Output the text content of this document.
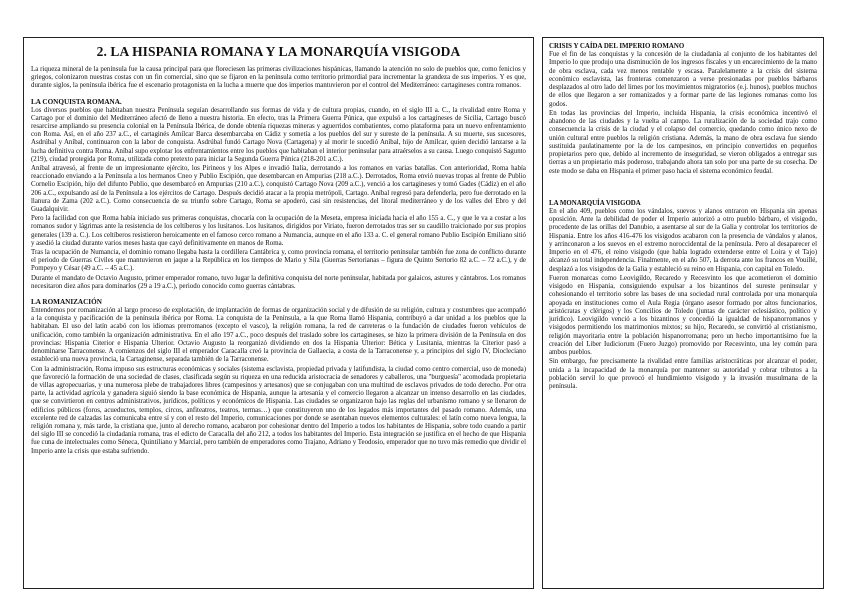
2. LA HISPANIA ROMANA Y LA MONARQUÍA VISIGODA

La riqueza mineral de la península fue la causa principal para que floreciesen las primeras civilizaciones hispánicas, llamando la atención no solo de pueblos que, como fenicios y griegos, colonizaron nuestras costas con un fin comercial, sino que se fijaron en la península como territorio primordial para incrementar la grandeza de sus imperios. Y es que, durante siglos, la península ibérica fue el escenario protagonista en la lucha a muerte que dos imperios mantuvieron por el control del Mediterráneo: cartagineses contra romanos.

LA CONQUISTA ROMANA.

Los diversos pueblos que habitaban nuestra Península seguían desarrollando sus formas de vida y de cultura propias, cuando, en el siglo III a. C., la rivalidad entre Roma y Cartago por el dominio del Mediterráneo afectó de lleno a nuestra historia. En efecto, tras la Primera Guerra Púnica, que expulsó a los cartagineses de Sicilia, Cartago buscó resarcirse ampliando su presencia colonial en la Península Ibérica, de donde obtenía riquezas mineras y aguerridos combatientes, como plataforma para un nuevo enfrentamiento con Roma. Así, en el año 237 a.C., el cartaginés Amílcar Barca desembarcaba en Cádiz y sometía a los pueblos del sur y sureste de la península. A su muerte, sus sucesores, Asdrúbal y Aníbal, continuaron con la labor de conquista. Asdrúbal fundó Cartago Nova (Cartagena) y al morir le sucedió Aníbal, hijo de Amílcar, quien decidió lanzarse a la lucha definitiva contra Roma. Aníbal supo explotar los enfrentamientos entre los pueblos que habitaban el interior peninsular para atraérselos a su causa. Luego conquistó Sagunto (219), ciudad protegida por Roma, utilizada como pretexto para iniciar la Segunda Guerra Púnica (218-201 a.C.).

Aníbal atravesó, al frente de un impresionante ejército, los Pirineos y los Alpes e invadió Italia, derrotando a los romanos en varias batallas. Con anterioridad, Roma había reaccionado enviando a la Península a los hermanos Cneo y Publio Escipión, que desembarcan en Ampurias (218 a.C.). Derrotados, Roma envió nuevas tropas al frente de Publio Cornelio Escipión, hijo del difunto Publio, que desembarcó en Ampurias (210 a.C.), conquistó Cartago Nova (209 a.C.), venció a los cartagineses y tomó Gades (Cádiz) en el año 206 a.C., expulsando así de la Península a los ejércitos de Cartago. Después decidió atacar a la propia metrópoli, Cartago. Aníbal regresó para defenderla, pero fue derrotado en la llanura de Zama (202 a.C.). Como consecuencia de su triunfo sobre Cartago, Roma se apoderó, casi sin resistencias, del litoral mediterráneo y de los valles del Ebro y del Guadalquivir.

Pero la facilidad con que Roma había iniciado sus primeras conquistas, chocaría con la ocupación de la Meseta, empresa iniciada hacia el año 155 a. C., y que le va a costar a los romanos sudor y lágrimas ante la resistencia de los celtíberos y los lusitanos. Los lusitanos, dirigidos por Viriato, fueron derrotados tras ser su caudillo traicionado por sus propios generales (139 a. C.). Los celtíberos resistieron heroicamente en el famoso cerco romano a Numancia, aunque en el año 133 a. C. el general romano Publio Escipión Emiliano sitió y asedió la ciudad durante varios meses hasta que cayó definitivamente en manos de Roma.

Tras la ocupación de Numancia, el dominio romano llegaba hasta la cordillera Cantábrica y, como provincia romana, el territorio peninsular también fue zona de conflicto durante el periodo de Guerras Civiles que mantuvieron en jaque a la República en los tiempos de Mario y Sila (Guerras Sertorianas – figura de Quinto Sertorio 82 a.C. – 72 a.C.), y de Pompeyo y César (49 a.C. – 45 a.C.).

Durante el mandato de Octavio Augusto, primer emperador romano, tuvo lugar la definitiva conquista del norte peninsular, habitada por galaicos, astures y cántabros. Los romanos necesitaron diez años para dominarlos (29 a 19 a.C.), periodo conocido como guerras cántabras.

LA ROMANIZACIÓN

Entendemos por romanización al largo proceso de explotación, de implantación de formas de organización social y de difusión de su religión, cultura y costumbres que acompañó a la conquista y pacificación de la península ibérica por Roma. La conquista de la Península, a la que Roma llamó Hispania, contribuyó a dar unidad a los pueblos que la habitaban. El uso del latín acabó con los idiomas prerromanos (excepto el vasco), la religión romana, la red de carreteras o la fundación de ciudades fueron vehículos de unificación, como también la organización administrativa. En el año 197 a.C., poco después del traslado sobre los cartagineses, se hizo la primera división de la Península en dos provincias: Hispania Citerior e Hispania Ulterior. Octavio Augusto la reorganizó dividiendo en dos la Hispania Ulterior: Bética y Lusitania, mientras la Citerior pasó a denominarse Tarraconense. A comienzos del siglo III el emperador Caracalla creó la provincia de Gallaecia, a costa de la Tarraconense y, a principios del siglo IV, Diocleciano estableció una nueva provincia, la Cartaginense, separada también de la Tarraconense.

Con la administración, Roma impuso sus estructuras económicas y sociales (sistema esclavista, propiedad privada y latifundista, la ciudad como centro comercial, uso de moneda) que favoreció la formación de una sociedad de clases, clasificada según su riqueza en una reducida aristocracia de senadores y caballeros, una "burguesía" acomodada propietaria de villas agropecuarias, y una numerosa plebe de trabajadores libres (campesinos y artesanos) que se conjugaban con una multitud de esclavos privados de todo derecho. Por otra parte, la actividad agrícola y ganadera siguió siendo la base económica de Hispania, aunque la artesanía y el comercio llegaron a alcanzar un intenso desarrollo en las ciudades, que se convirtieron en centros administrativos, jurídicos, políticos y económicos de Hispania. Las ciudades se organizaron bajo las reglas del urbanismo romano y se llenaron de edificios públicos (foros, acueductos, templos, circos, anfiteatros, teatros, termas…) que constituyeron uno de los legados más importantes del pasado romano. Además, una excelente red de calzadas las comunicaba entre sí y con el resto del Imperio, comunicaciones por donde se asentaban nuevos elementos culturales: el latín como nueva lengua, la religión romana y, más tarde, la cristiana que, junto al derecho romano, acabaron por cohesionar dentro del Imperio a todos los habitantes de Hispania, sobre todo cuando a partir del siglo III se concedió la ciudadanía romana, tras el edicto de Caracalla del año 212, a todos los habitantes del Imperio. Esta integración se justifica en el hecho de que Hispania fue cuna de intelectuales como Séneca, Quintiliano y Marcial, pero también de emperadores como Trajano, Adriano y Teodosio, emperador que no tuvo más remedio que dividir el Imperio ante la crisis que estaba sufriendo.

CRISIS Y CAÍDA DEL IMPERIO ROMANO

Fue el fin de las conquistas y la concesión de la ciudadanía al conjunto de los habitantes del Imperio lo que produjo una disminución de los ingresos fiscales y un encarecimiento de la mano de obra esclava, cada vez menos rentable y escasa. Paralelamente a la crisis del sistema económico esclavista, las fronteras comenzaron a verse presionadas por pueblos bárbaros desplazados al otro lado del limes por los movimientos migratorios (e.j. hunos), pueblos muchos de ellos que llegaron a ser romanizados y a formar parte de las legiones romanas como los godos.

En todas las provincias del Imperio, incluida Hispania, la crisis económica incentivó el abandono de las ciudades y la vuelta al campo. La ruralización de la sociedad trajo como consecuencia la crisis de la ciudad y el colapso del comercio, quedando como único nexo de unión cultural entre pueblos la religión cristiana. Además, la mano de obra esclava fue siendo sustituida paulatinamente por la de los campesinos, en principio convertidos en pequeños propietarios pero que, debido al incremento de inseguridad, se vieron obligados a entregar sus tierras a un propietario más poderoso, trabajando ahora tan solo por una parte de su cosecha. De este modo se daba en Hispania el primer paso hacia el sistema económico feudal.

LA MONARQUÍA VISIGODA

En el año 409, pueblos como los vándalos, suevos y alanos entraron en Hispania sin apenas oposición. Ante la debilidad de poder el Imperio autorizó a otro pueblo bárbaro, el visigodo, procedente de las orillas del Danubio, a asentarse al sur de la Galia y controlar los territorios de Hispania. Entre los años 416-476 los visigodos acabaron con la presencia de vándalos y alanos, y arrinconaron a los suevos en el extremo noroccidental de la península. Pero al desaparecer el Imperio en el 476, el reino visigodo (que había logrado extenderse entre el Loira y el Tajo) alcanzó su total independencia. Finalmente, en el año 507, la derrota ante los francos en Vouillé, desplazó a los visigodos de la Galia y estableció su reino en Hispania, con capital en Toledo.

Fueron monarcas como Leovigildo, Recaredo y Recesvinto los que acometieron el dominio visigodo en Hispania, consiguiendo expulsar a los bizantinos del sureste peninsular y cohesionando el territorio sobre las bases de una sociedad rural controlada por una monarquía apoyada en instituciones como el Aula Regia (órgano asesor formado por altos funcionarios, aristócratas y clérigos) y los Concilios de Toledo (juntas de carácter eclesiástico, político y jurídico). Leovigildo venció a los bizantinos y concedió la igualdad de hispanorromanos y visigodos permitiendo los matrimonios mixtos; su hijo, Recaredo, se convirtió al cristianismo, religión mayoritaria entre la población hispanorromana; pero un hecho importantísimo fue la creación del Liber Iudiciorum (Fuero Juzgo) promovido por Recesvinto, una ley común para ambos pueblos.

Sin embargo, fue precisamente la rivalidad entre familias aristocráticas por alcanzar el poder, unida a la incapacidad de la monarquía por mantener su autoridad y cobrar tributos a la población servil lo que provocó el hundimiento visigodo y la invasión musulmana de la península.
